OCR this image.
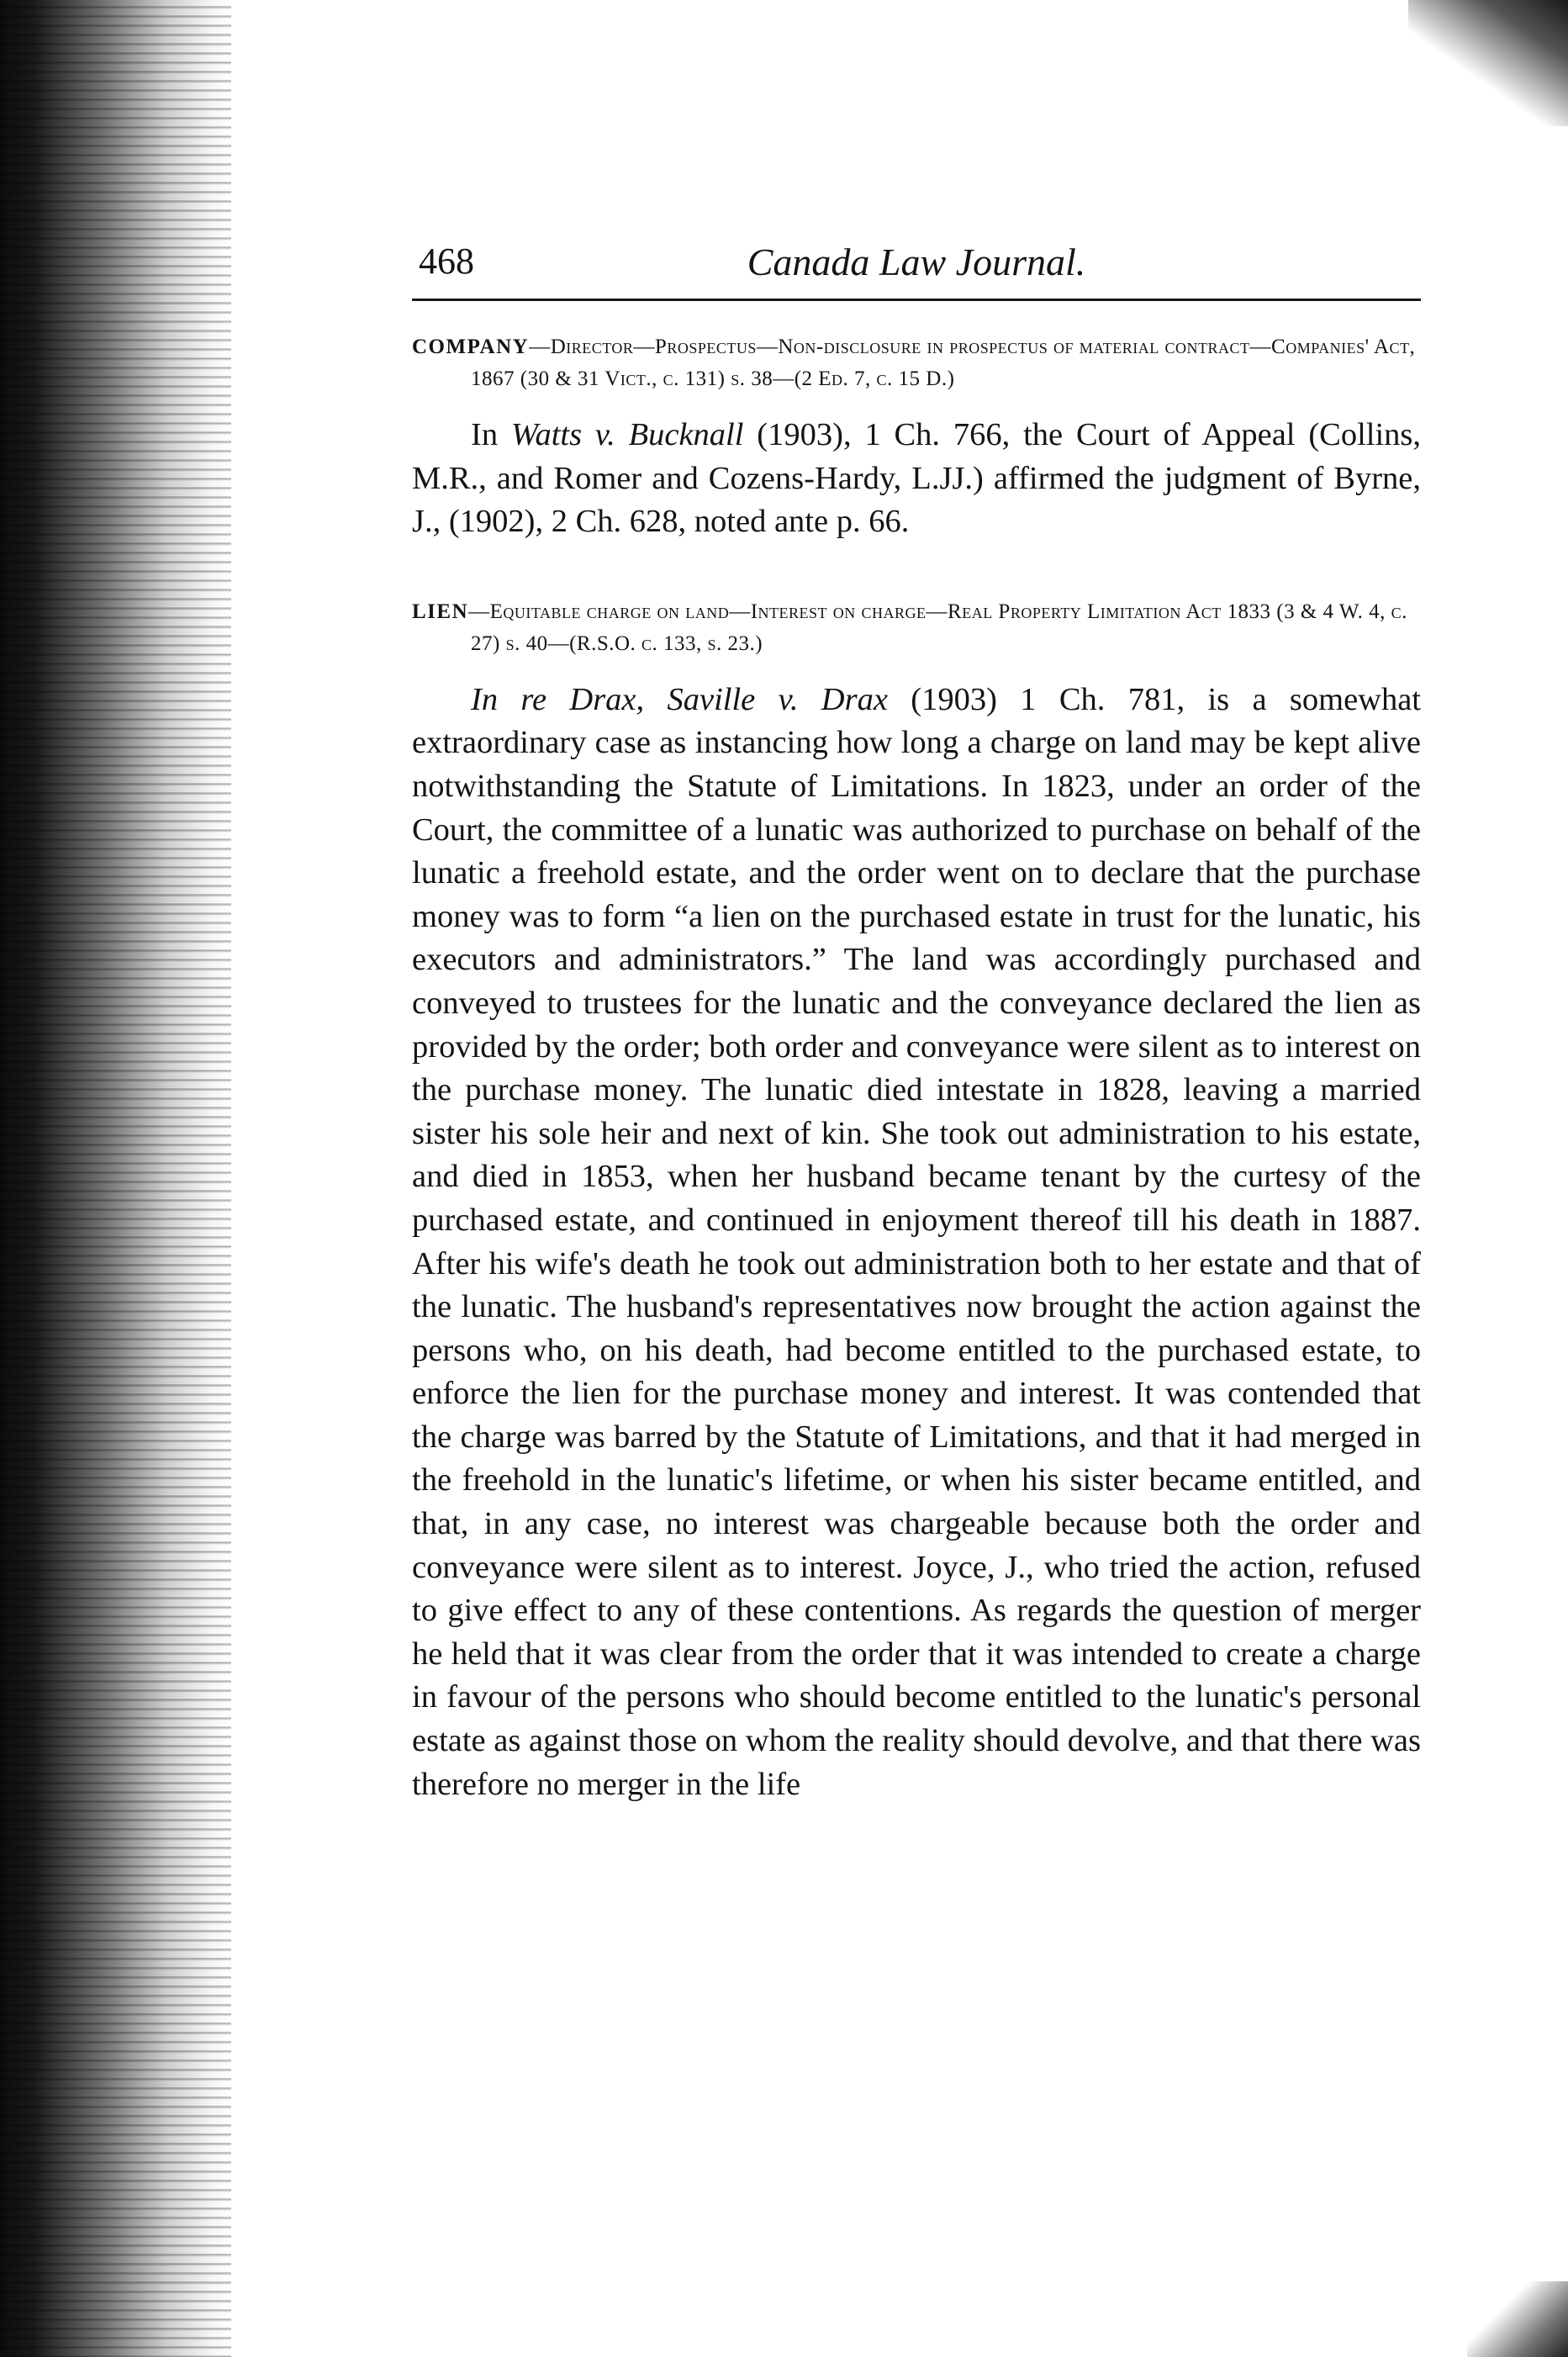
468	Canada Law Journal.
COMPANY—Director—Prospectus—Non-disclosure in prospectus of material contract—Companies' Act, 1867 (30 & 31 Vict., c. 131) s. 38—(2 Ed. 7, c. 15 D.)

In Watts v. Bucknall (1903), 1 Ch. 766, the Court of Appeal (Collins, M.R., and Romer and Cozens-Hardy, L.JJ.) affirmed the judgment of Byrne, J., (1902), 2 Ch. 628, noted ante p. 66.

LIEN—Equitable charge on land—Interest on charge—Real Property Limitation Act 1833 (3 & 4 W. 4, c. 27) s. 40—(R.S.O. c. 133, s. 23.)

In re Drax, Saville v. Drax (1903) 1 Ch. 781, is a somewhat extraordinary case as instancing how long a charge on land may be kept alive notwithstanding the Statute of Limitations. In 1823, under an order of the Court, the committee of a lunatic was authorized to purchase on behalf of the lunatic a freehold estate, and the order went on to declare that the purchase money was to form “a lien on the purchased estate in trust for the lunatic, his executors and administrators.” The land was accordingly purchased and conveyed to trustees for the lunatic and the conveyance declared the lien as provided by the order; both order and conveyance were silent as to interest on the purchase money. The lunatic died intestate in 1828, leaving a married sister his sole heir and next of kin. She took out administration to his estate, and died in 1853, when her husband became tenant by the curtesy of the purchased estate, and continued in enjoyment thereof till his death in 1887. After his wife's death he took out administration both to her estate and that of the lunatic. The husband's representatives now brought the action against the persons who, on his death, had become entitled to the purchased estate, to enforce the lien for the purchase money and interest. It was contended that the charge was barred by the Statute of Limitations, and that it had merged in the freehold in the lunatic's lifetime, or when his sister became entitled, and that, in any case, no interest was chargeable because both the order and conveyance were silent as to interest. Joyce, J., who tried the action, refused to give effect to any of these contentions. As regards the question of merger he held that it was clear from the order that it was intended to create a charge in favour of the persons who should become entitled to the lunatic's personal estate as against those on whom the reality should devolve, and that there was therefore no merger in the life
